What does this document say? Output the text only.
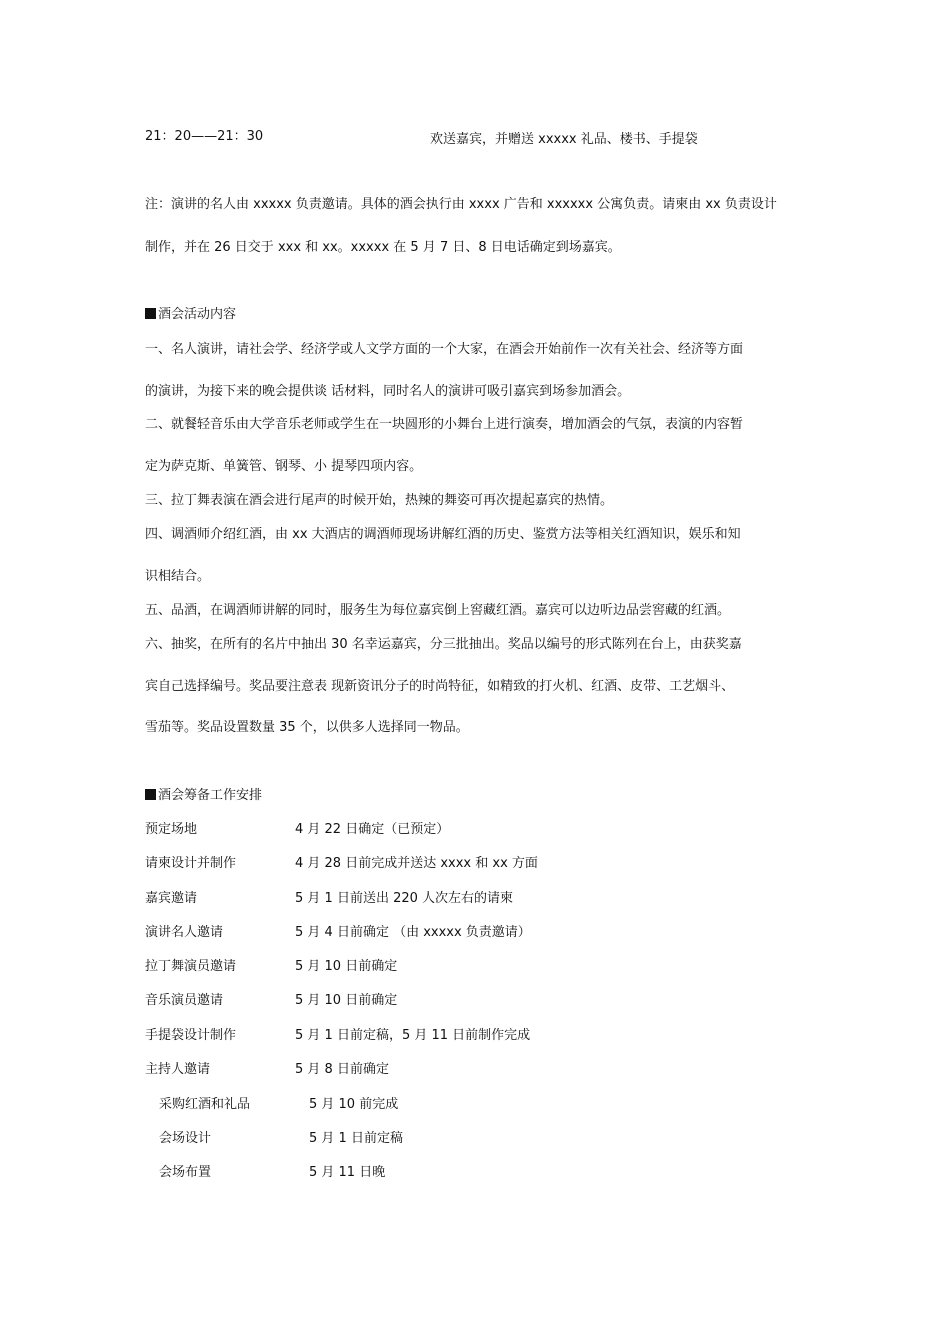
21：20——21：30	欢送嘉宾，并赠送 xxxxx 礼品、楼书、手提袋
注：演讲的名人由 xxxxx 负责邀请。具体的酒会执行由 xxxx 广告和 xxxxxx 公寓负责。请柬由 xx 负责设计
制作，并在 26 日交于 xxx 和 xx。xxxxx 在 5 月 7 日、8 日电话确定到场嘉宾。
酒会活动内容
一、名人演讲，请社会学、经济学或人文学方面的一个大家，在酒会开始前作一次有关社会、经济等方面
的演讲，为接下来的晚会提供谈 话材料，同时名人的演讲可吸引嘉宾到场参加酒会。
二、就餐轻音乐由大学音乐老师或学生在一块圆形的小舞台上进行演奏，增加酒会的气氛，表演的内容暂
定为萨克斯、单簧管、钢琴、小 提琴四项内容。
三、拉丁舞表演在酒会进行尾声的时候开始，热辣的舞姿可再次提起嘉宾的热情。
四、调酒师介绍红酒，由 xx 大酒店的调酒师现场讲解红酒的历史、鉴赏方法等相关红酒知识，娱乐和知
识相结合。
五、品酒，在调酒师讲解的同时，服务生为每位嘉宾倒上窖藏红酒。嘉宾可以边听边品尝窖藏的红酒。
六、抽奖，在所有的名片中抽出 30 名幸运嘉宾，分三批抽出。奖品以编号的形式陈列在台上，由获奖嘉
宾自己选择编号。奖品要注意表 现新资讯分子的时尚特征，如精致的打火机、红酒、皮带、工艺烟斗、
雪茄等。奖品设置数量 35 个，以供多人选择同一物品。
酒会筹备工作安排
预定场地	4 月 22 日确定（已预定）
请柬设计并制作	4 月 28 日前完成并送达 xxxx 和 xx 方面
嘉宾邀请	5 月 1 日前送出 220 人次左右的请柬
演讲名人邀请	5 月 4 日前确定 （由 xxxxx 负责邀请）
拉丁舞演员邀请	5 月 10 日前确定
音乐演员邀请	5 月 10 日前确定
手提袋设计制作	5 月 1 日前定稿，5 月 11 日前制作完成
主持人邀请	5 月 8 日前确定
采购红酒和礼品	5 月 10 前完成
会场设计	5 月 1 日前定稿
会场布置	5 月 11 日晚
